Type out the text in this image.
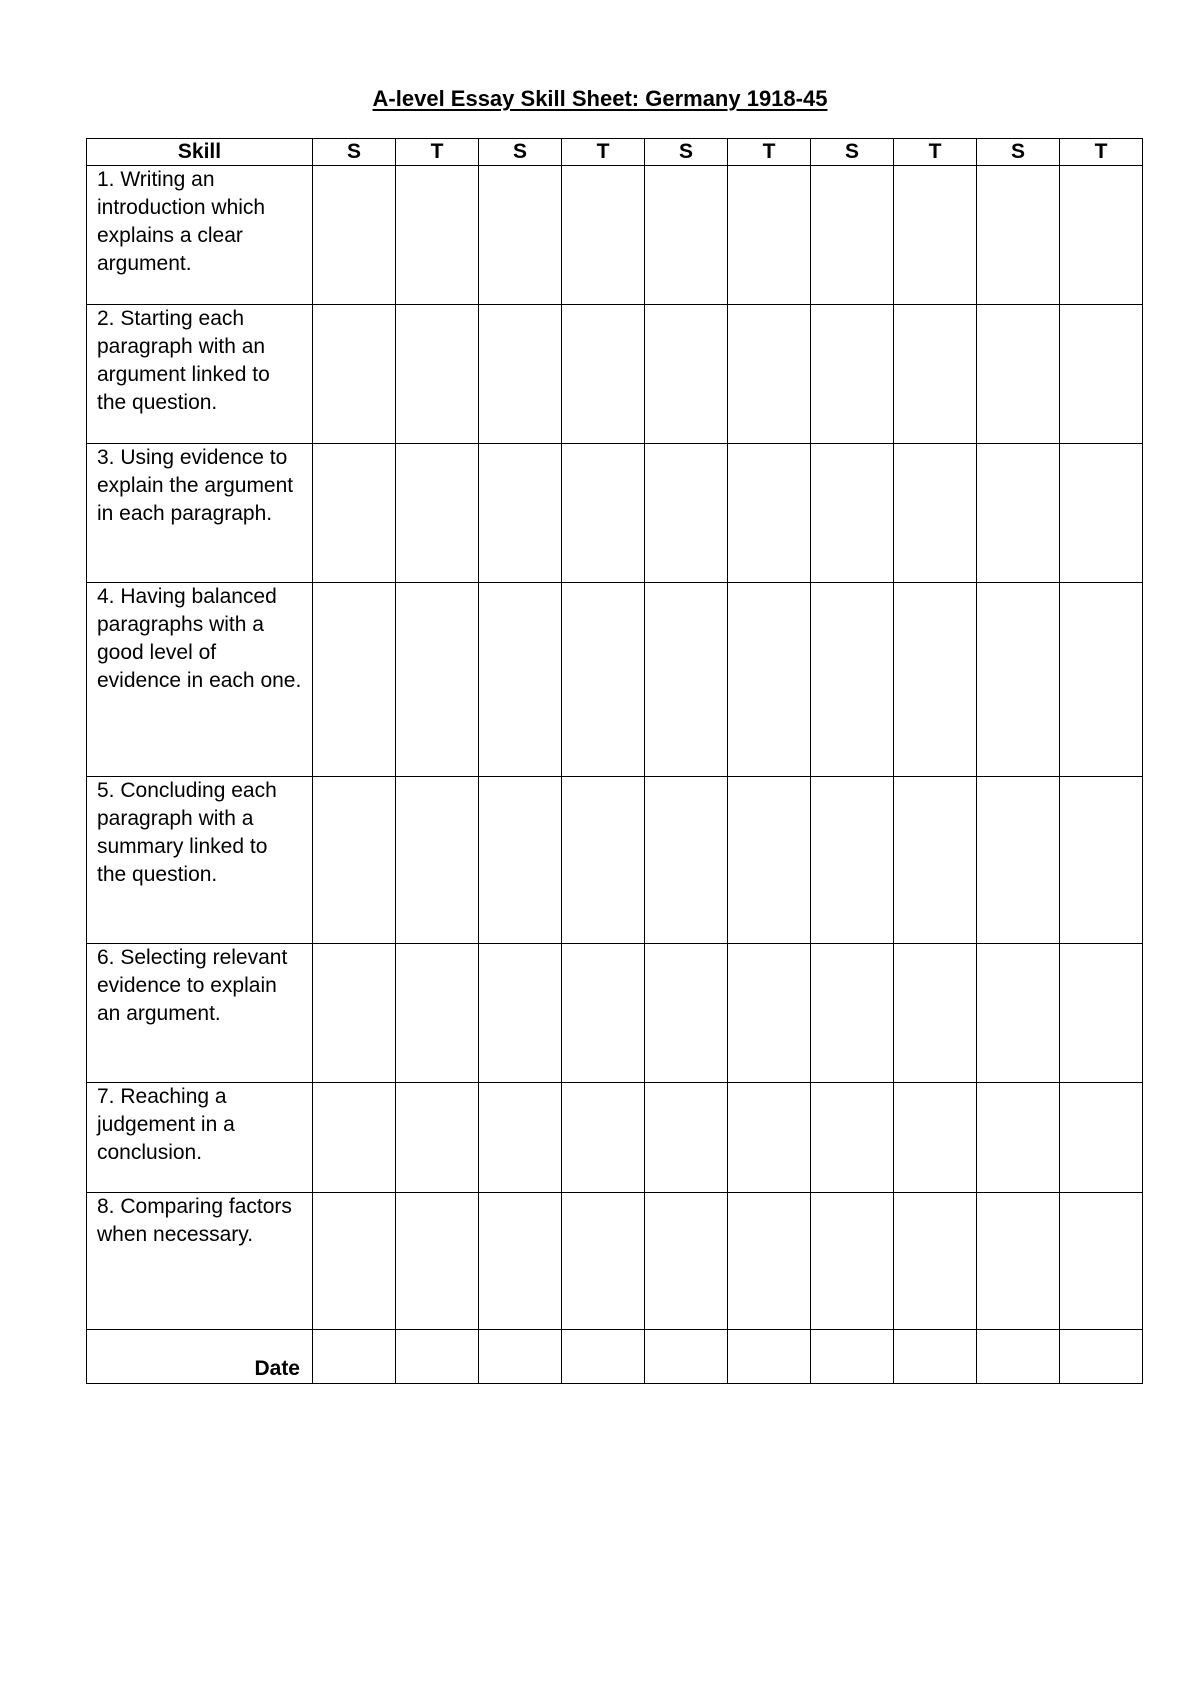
A-level Essay Skill Sheet: Germany 1918-45
Skill	S	T	S	T	S	T	S	T	S	T
1. Writing an introduction which explains a clear argument.										
2. Starting each paragraph with an argument linked to the question.										
3. Using evidence to explain the argument in each paragraph.										
4. Having balanced paragraphs with a good level of evidence in each one.										
5. Concluding each paragraph with a summary linked to the question.										
6. Selecting relevant evidence to explain an argument.										
7. Reaching a judgement in a conclusion.										
8. Comparing factors when necessary.										
Date										
